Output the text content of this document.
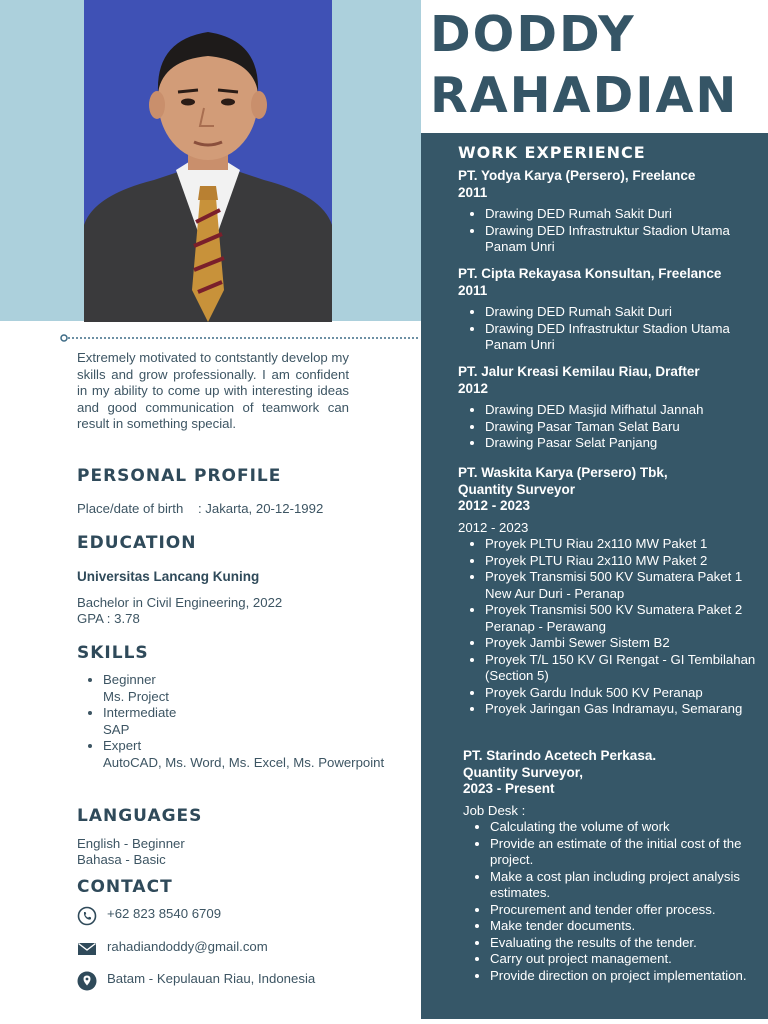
DODDY
RAHADIAN

Extremely motivated to contstantly develop my skills and grow professionally. I am confident in my ability to come up with interesting ideas and good communication of teamwork can result in something special.

PERSONAL PROFILE

Place/date of birth    : Jakarta, 20-12-1992

EDUCATION

Universitas Lancang Kuning

Bachelor in Civil Engineering, 2022

GPA : 3.78

SKILLS
• Beginner
Ms. Project
• Intermediate
SAP
• Expert
AutoCAD, Ms. Word, Ms. Excel, Ms. Powerpoint
LANGUAGES

English - Beginner

Bahasa - Basic

CONTACT
+62 823 8540 6709
rahadiandoddy@gmail.com
Batam - Kepulauan Riau, Indonesia
WORK EXPERIENCE
PT. Yodya Karya (Persero), Freelance
2011
• Drawing DED Rumah Sakit Duri
• Drawing DED Infrastruktur Stadion Utama Panam Unri
PT. Cipta Rekayasa Konsultan, Freelance
2011
• Drawing DED Rumah Sakit Duri
• Drawing DED Infrastruktur Stadion Utama Panam Unri
PT. Jalur Kreasi Kemilau Riau, Drafter
2012
• Drawing DED Masjid Mifhatul Jannah
• Drawing Pasar Taman Selat Baru
• Drawing Pasar Selat Panjang
PT. Waskita Karya (Persero) Tbk,
Quantity Surveyor
2012 - 2023

2012 - 2023

• Proyek PLTU Riau 2x110 MW Paket 1
• Proyek PLTU Riau 2x110 MW Paket 2
• Proyek Transmisi 500 KV Sumatera Paket 1 New Aur Duri - Peranap
• Proyek Transmisi 500 KV Sumatera Paket 2 Peranap - Perawang
• Proyek Jambi Sewer Sistem B2
• Proyek T/L 150 KV GI Rengat - GI Tembilahan (Section 5)
• Proyek Gardu Induk 500 KV Peranap
• Proyek Jaringan Gas Indramayu, Semarang
PT. Starindo Acetech Perkasa.
Quantity Surveyor,
2023 - Present

Job Desk :

• Calculating the volume of work
• Provide an estimate of the initial cost of the project.
• Make a cost plan including project analysis estimates.
• Procurement and tender offer process.
• Make tender documents.
• Evaluating the results of the tender.
• Carry out project management.
• Provide direction on project implementation.
